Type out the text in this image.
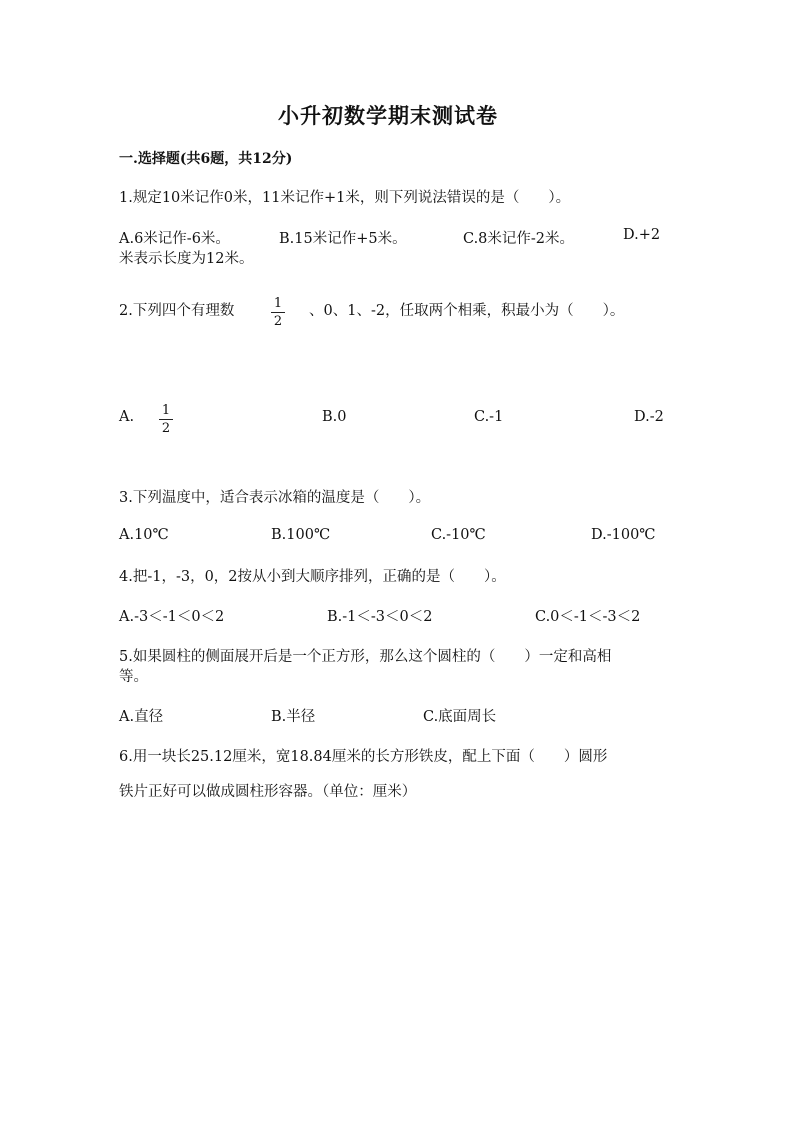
小升初数学期末测试卷
一.选择题(共6题，共12分)
1.规定10米记作0米，11米记作+1米，则下列说法错误的是（　　）。
A.6米记作-6米。	B.15米记作+5米。	C.8米记作-2米。	D.+2
米表示长度为12米。
2.下列四个有理数	1
2
、0、1、-2，任取两个相乘，积最小为（　　）。
A. 1
2
B.0	C.-1	D.-2
3.下列温度中，适合表示冰箱的温度是（　　）。
A.10℃	B.100℃	C.-10℃	D.-100℃
4.把-1，-3，0，2按从小到大顺序排列，正确的是（　　）。
A.-3＜-1＜0＜2	B.-1＜-3＜0＜2	C.0＜-1＜-3＜2
5.如果圆柱的侧面展开后是一个正方形，那么这个圆柱的（　　）一定和高相
等。
A.直径	B.半径	C.底面周长
6.用一块长25.12厘米，宽18.84厘米的长方形铁皮，配上下面（　　）圆形
铁片正好可以做成圆柱形容器。（单位：厘米）
